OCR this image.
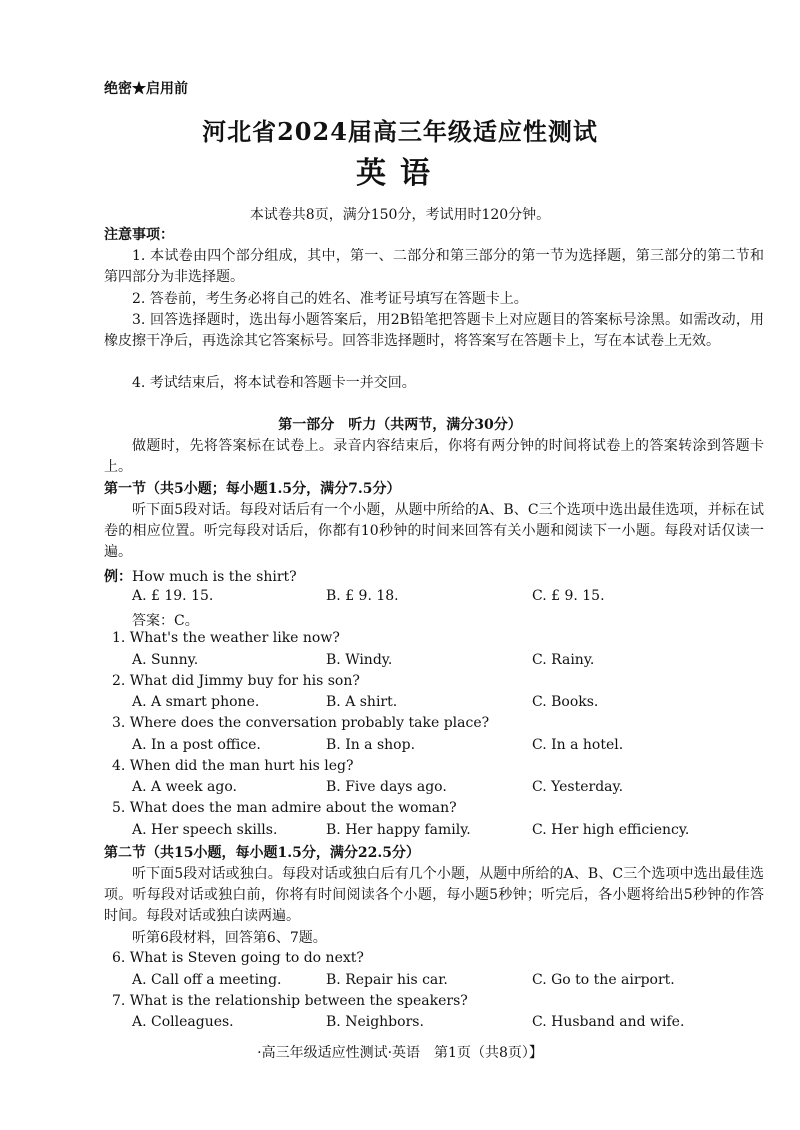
绝密★启用前
河北省2024届高三年级适应性测试
英语
本试卷共8页，满分150分，考试用时120分钟。
注意事项：
1. 本试卷由四个部分组成，其中，第一、二部分和第三部分的第一节为选择题，第三部分的第二节和第四部分为非选择题。
2. 答卷前，考生务必将自己的姓名、准考证号填写在答题卡上。
3. 回答选择题时，选出每小题答案后，用2B铅笔把答题卡上对应题目的答案标号涂黑。如需改动，用橡皮擦干净后，再选涂其它答案标号。回答非选择题时，将答案写在答题卡上，写在本试卷上无效。
4. 考试结束后，将本试卷和答题卡一并交回。
第一部分　听力（共两节，满分30分）
做题时，先将答案标在试卷上。录音内容结束后，你将有两分钟的时间将试卷上的答案转涂到答题卡上。
第一节（共5小题；每小题1.5分，满分7.5分）
听下面5段对话。每段对话后有一个小题，从题中所给的A、B、C三个选项中选出最佳选项，并标在试卷的相应位置。听完每段对话后，你都有10秒钟的时间来回答有关小题和阅读下一小题。每段对话仅读一遍。
例：How much is the shirt?
A. £ 19. 15.	B. £ 9. 18.	C. £ 9. 15.
答案：C。
1. What's the weather like now?
A. Sunny.	B. Windy.	C. Rainy.
2. What did Jimmy buy for his son?
A. A smart phone.	B. A shirt.	C. Books.
3. Where does the conversation probably take place?
A. In a post office.	B. In a shop.	C. In a hotel.
4. When did the man hurt his leg?
A. A week ago.	B. Five days ago.	C. Yesterday.
5. What does the man admire about the woman?
A. Her speech skills.	B. Her happy family.	C. Her high efficiency.
第二节（共15小题，每小题1.5分，满分22.5分）
听下面5段对话或独白。每段对话或独白后有几个小题，从题中所给的A、B、C三个选项中选出最佳选项。听每段对话或独白前，你将有时间阅读各个小题，每小题5秒钟；听完后，各小题将给出5秒钟的作答时间。每段对话或独白读两遍。
听第6段材料，回答第6、7题。
6. What is Steven going to do next?
A. Call off a meeting.	B. Repair his car.	C. Go to the airport.
7. What is the relationship between the speakers?
A. Colleagues.	B. Neighbors.	C. Husband and wife.
·高三年级适应性测试·英语　第1页（共8页）】
